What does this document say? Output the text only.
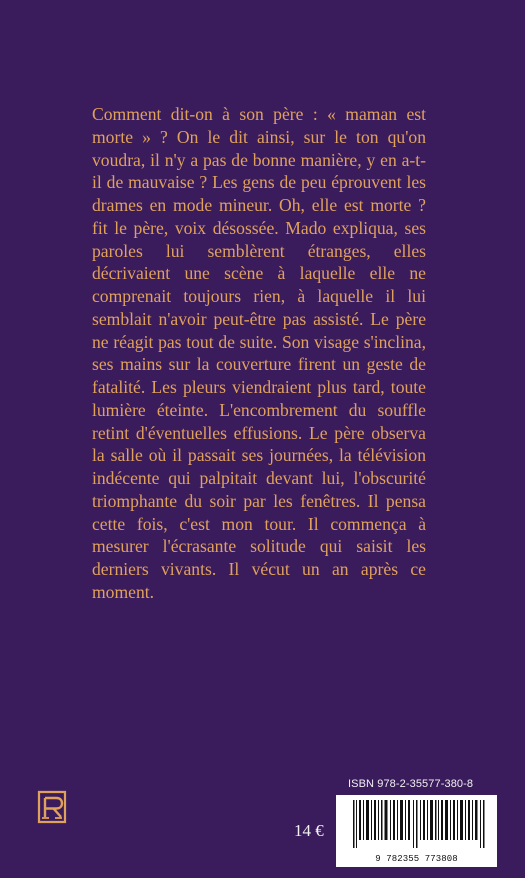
Comment dit-on à son père : « maman est morte » ? On le dit ainsi, sur le ton qu'on voudra, il n'y a pas de bonne manière, y en a-t-il de mauvaise ? Les gens de peu éprouvent les drames en mode mineur. Oh, elle est morte ? fit le père, voix désossée. Mado expliqua, ses paroles lui semblèrent étranges, elles décrivaient une scène à laquelle elle ne comprenait toujours rien, à laquelle il lui semblait n'avoir peut-être pas assisté. Le père ne réagit pas tout de suite. Son visage s'inclina, ses mains sur la couverture firent un geste de fatalité. Les pleurs viendraient plus tard, toute lumière éteinte. L'encombrement du souffle retint d'éventuelles effusions. Le père observa la salle où il passait ses journées, la télévision indécente qui palpitait devant lui, l'obscurité triomphante du soir par les fenêtres. Il pensa cette fois, c'est mon tour. Il commença à mesurer l'écrasante solitude qui saisit les derniers vivants. Il vécut un an après ce moment.

ISBN 978-2-35577-380-8
14 €
9 782355 773808
